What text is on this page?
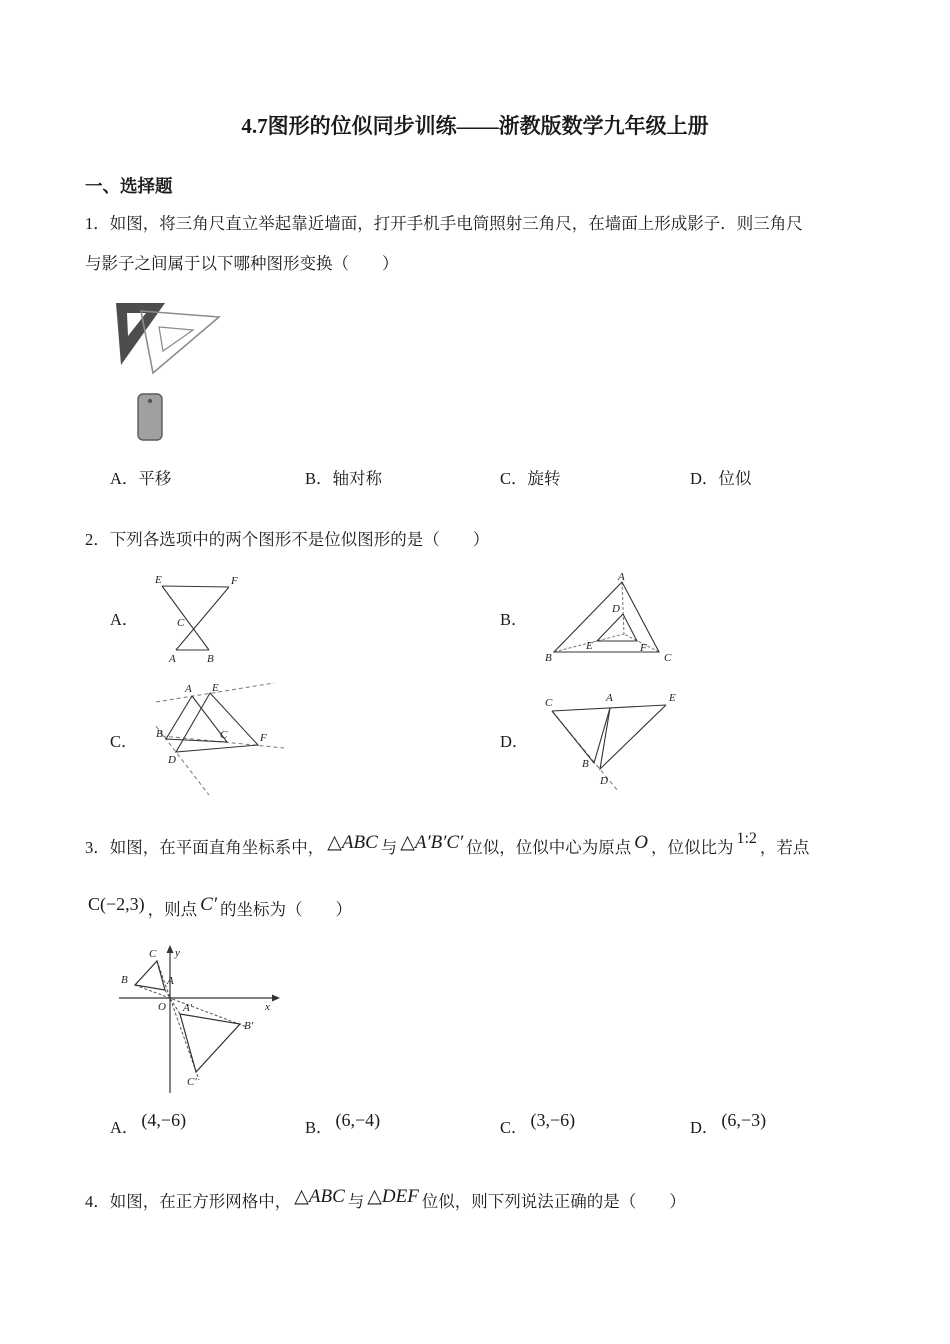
4.7图形的位似同步训练——浙教版数学九年级上册
一、选择题
1．如图，将三角尺直立举起靠近墙面，打开手机手电筒照射三角尺，在墙面上形成影子．则三角尺
与影子之间属于以下哪种图形变换（　　）
A．平移	B．轴对称	C．旋转	D．位似
2．下列各选项中的两个图形不是位似图形的是（　　）
A．
E	F
C
A	B
B．
A
D
E	F
B	C
C．
A E
B
D
C	F	D．
C	A	E
B
D
3．如图，在平面直角坐标系中， △ABC 与 △A′B′C′ 位似，位似中心为原点 O ，位似比为 1:2 ，若点
C(−2,3) ，则点 C′ 的坐标为（　　）
y
x
O
C
B	A
A′
B′
C′
A． (4,−6)	B． (6,−4)	C． (3,−6)	D． (6,−3)
4．如图，在正方形网格中， △ABC 与 △DEF 位似，则下列说法正确的是（　　）
